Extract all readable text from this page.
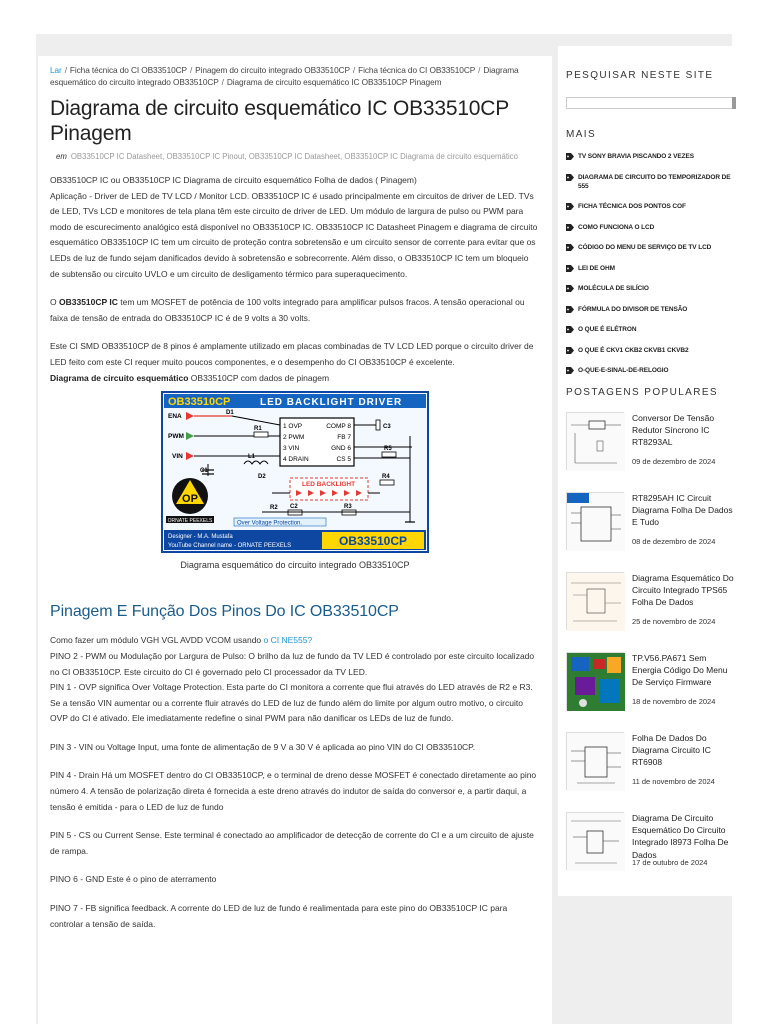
Lar / Ficha técnica do CI OB33510CP / Pinagem do circuito integrado OB33510CP / Ficha técnica do CI OB33510CP / Diagrama esquemático do circuito integrado OB33510CP / Diagrama de circuito esquemático IC OB33510CP Pinagem
Diagrama de circuito esquemático IC OB33510CP Pinagem
em OB33510CP IC Datasheet, OB33510CP IC Pinout, OB33510CP IC Datasheet, OB33510CP IC Diagrama de circuito esquemático

OB33510CP IC ou OB33510CP IC Diagrama de circuito esquemático Folha de dados ( Pinagem)

Aplicação - Driver de LED de TV LCD / Monitor LCD. OB33510CP IC é usado principalmente em circuitos de driver de LED. TVs de LED, TVs LCD e monitores de tela plana têm este circuito de driver de LED. Um módulo de largura de pulso ou PWM para modo de escurecimento analógico está disponível no OB33510CP IC. OB33510CP IC Datasheet Pinagem e diagrama de circuito esquemático OB33510CP IC tem um circuito de proteção contra sobretensão e um circuito sensor de corrente para evitar que os LEDs de luz de fundo sejam danificados devido à sobretensão e sobrecorrente. Além disso, o OB33510CP IC tem um bloqueio de subtensão ou circuito UVLO e um circuito de desligamento térmico para superaquecimento.

O OB33510CP IC tem um MOSFET de potência de 100 volts integrado para amplificar pulsos fracos. A tensão operacional ou faixa de tensão de entrada do OB33510CP IC é de 9 volts a 30 volts.

Este CI SMD OB33510CP de 8 pinos é amplamente utilizado em placas combinadas de TV LCD LED porque o circuito driver de LED feito com este CI requer muito poucos componentes, e o desempenho do CI OB33510CP é excelente.

Diagrama de circuito esquemático OB33510CP com dados de pinagem

OB33510CP	LED BACKLIGHT DRIVER
1 OVP
2 PWM
3 VIN
4 DRAIN
COMP 8
FB 7
GND 6
CS 5
ENA
PWM
VIN
D1
R1
L1
C1
D2
C3
R5
R4
LED BACKLIGHT
C2
R2	R3
Over Voltage Protection.
OP
ORNATE PEEXELS
Designer - M.A. Mustafa
YouTube Channel name - ORNATE PEEXELS	OB33510CP
Diagrama esquemático do circuito integrado OB33510CP
Pinagem E Função Dos Pinos Do IC OB33510CP

Como fazer um módulo VGH VGL AVDD VCOM usando o CI NE555?

PINO 2 - PWM ou Modulação por Largura de Pulso: O brilho da luz de fundo da TV LED é controlado por este circuito localizado no CI OB33510CP. Este circuito do CI é governado pelo CI processador da TV LED.

PIN 1 - OVP significa Over Voltage Protection. Esta parte do CI monitora a corrente que flui através do LED através de R2 e R3. Se a tensão VIN aumentar ou a corrente fluir através do LED de luz de fundo além do limite por algum outro motivo, o circuito OVP do CI é ativado. Ele imediatamente redefine o sinal PWM para não danificar os LEDs de luz de fundo.

PIN 3 - VIN ou Voltage Input, uma fonte de alimentação de 9 V a 30 V é aplicada ao pino VIN do CI OB33510CP.

PIN 4 - Drain Há um MOSFET dentro do CI OB33510CP, e o terminal de dreno desse MOSFET é conectado diretamente ao pino número 4. A tensão de polarização direta é fornecida a este dreno através do indutor de saída do conversor e, a partir daqui, a tensão é emitida - para o LED de luz de fundo

PIN 5 - CS ou Current Sense. Este terminal é conectado ao amplificador de detecção de corrente do CI e a um circuito de ajuste de rampa.

PINO 6 - GND Este é o pino de aterramento

PINO 7 - FB significa feedback. A corrente do LED de luz de fundo é realimentada para este pino do OB33510CP IC para controlar a tensão de saída.

PESQUISAR NESTE SITE
MAIS
TV SONY BRAVIA PISCANDO 2 VEZES
DIAGRAMA DE CIRCUITO DO TEMPORIZADOR DE 555
FICHA TÉCNICA DOS PONTOS COF
COMO FUNCIONA O LCD
CÓDIGO DO MENU DE SERVIÇO DE TV LCD
LEI DE OHM
MOLÉCULA DE SILÍCIO
FÓRMULA DO DIVISOR DE TENSÃO
O QUE É ELÉTRON
O QUE É CKV1 CKB2 CKVB1 CKVB2
O-QUE-E-SINAL-DE-RELOGIO
POSTAGENS POPULARES
Conversor De Tensão Redutor Síncrono IC RT8293AL
09 de dezembro de 2024
RT8295AH IC Circuit Diagrama Folha De Dados E Tudo
08 de dezembro de 2024
Diagrama Esquemático Do Circuito Integrado TPS65 Folha De Dados
25 de novembro de 2024
TP.V56.PA671 Sem Energia Código Do Menu De Serviço Firmware
18 de novembro de 2024
Folha De Dados Do Diagrama Circuito IC RT6908
11 de novembro de 2024
Diagrama De Circuito Esquemático Do Circuito Integrado I8973 Folha De Dados
17 de outubro de 2024
